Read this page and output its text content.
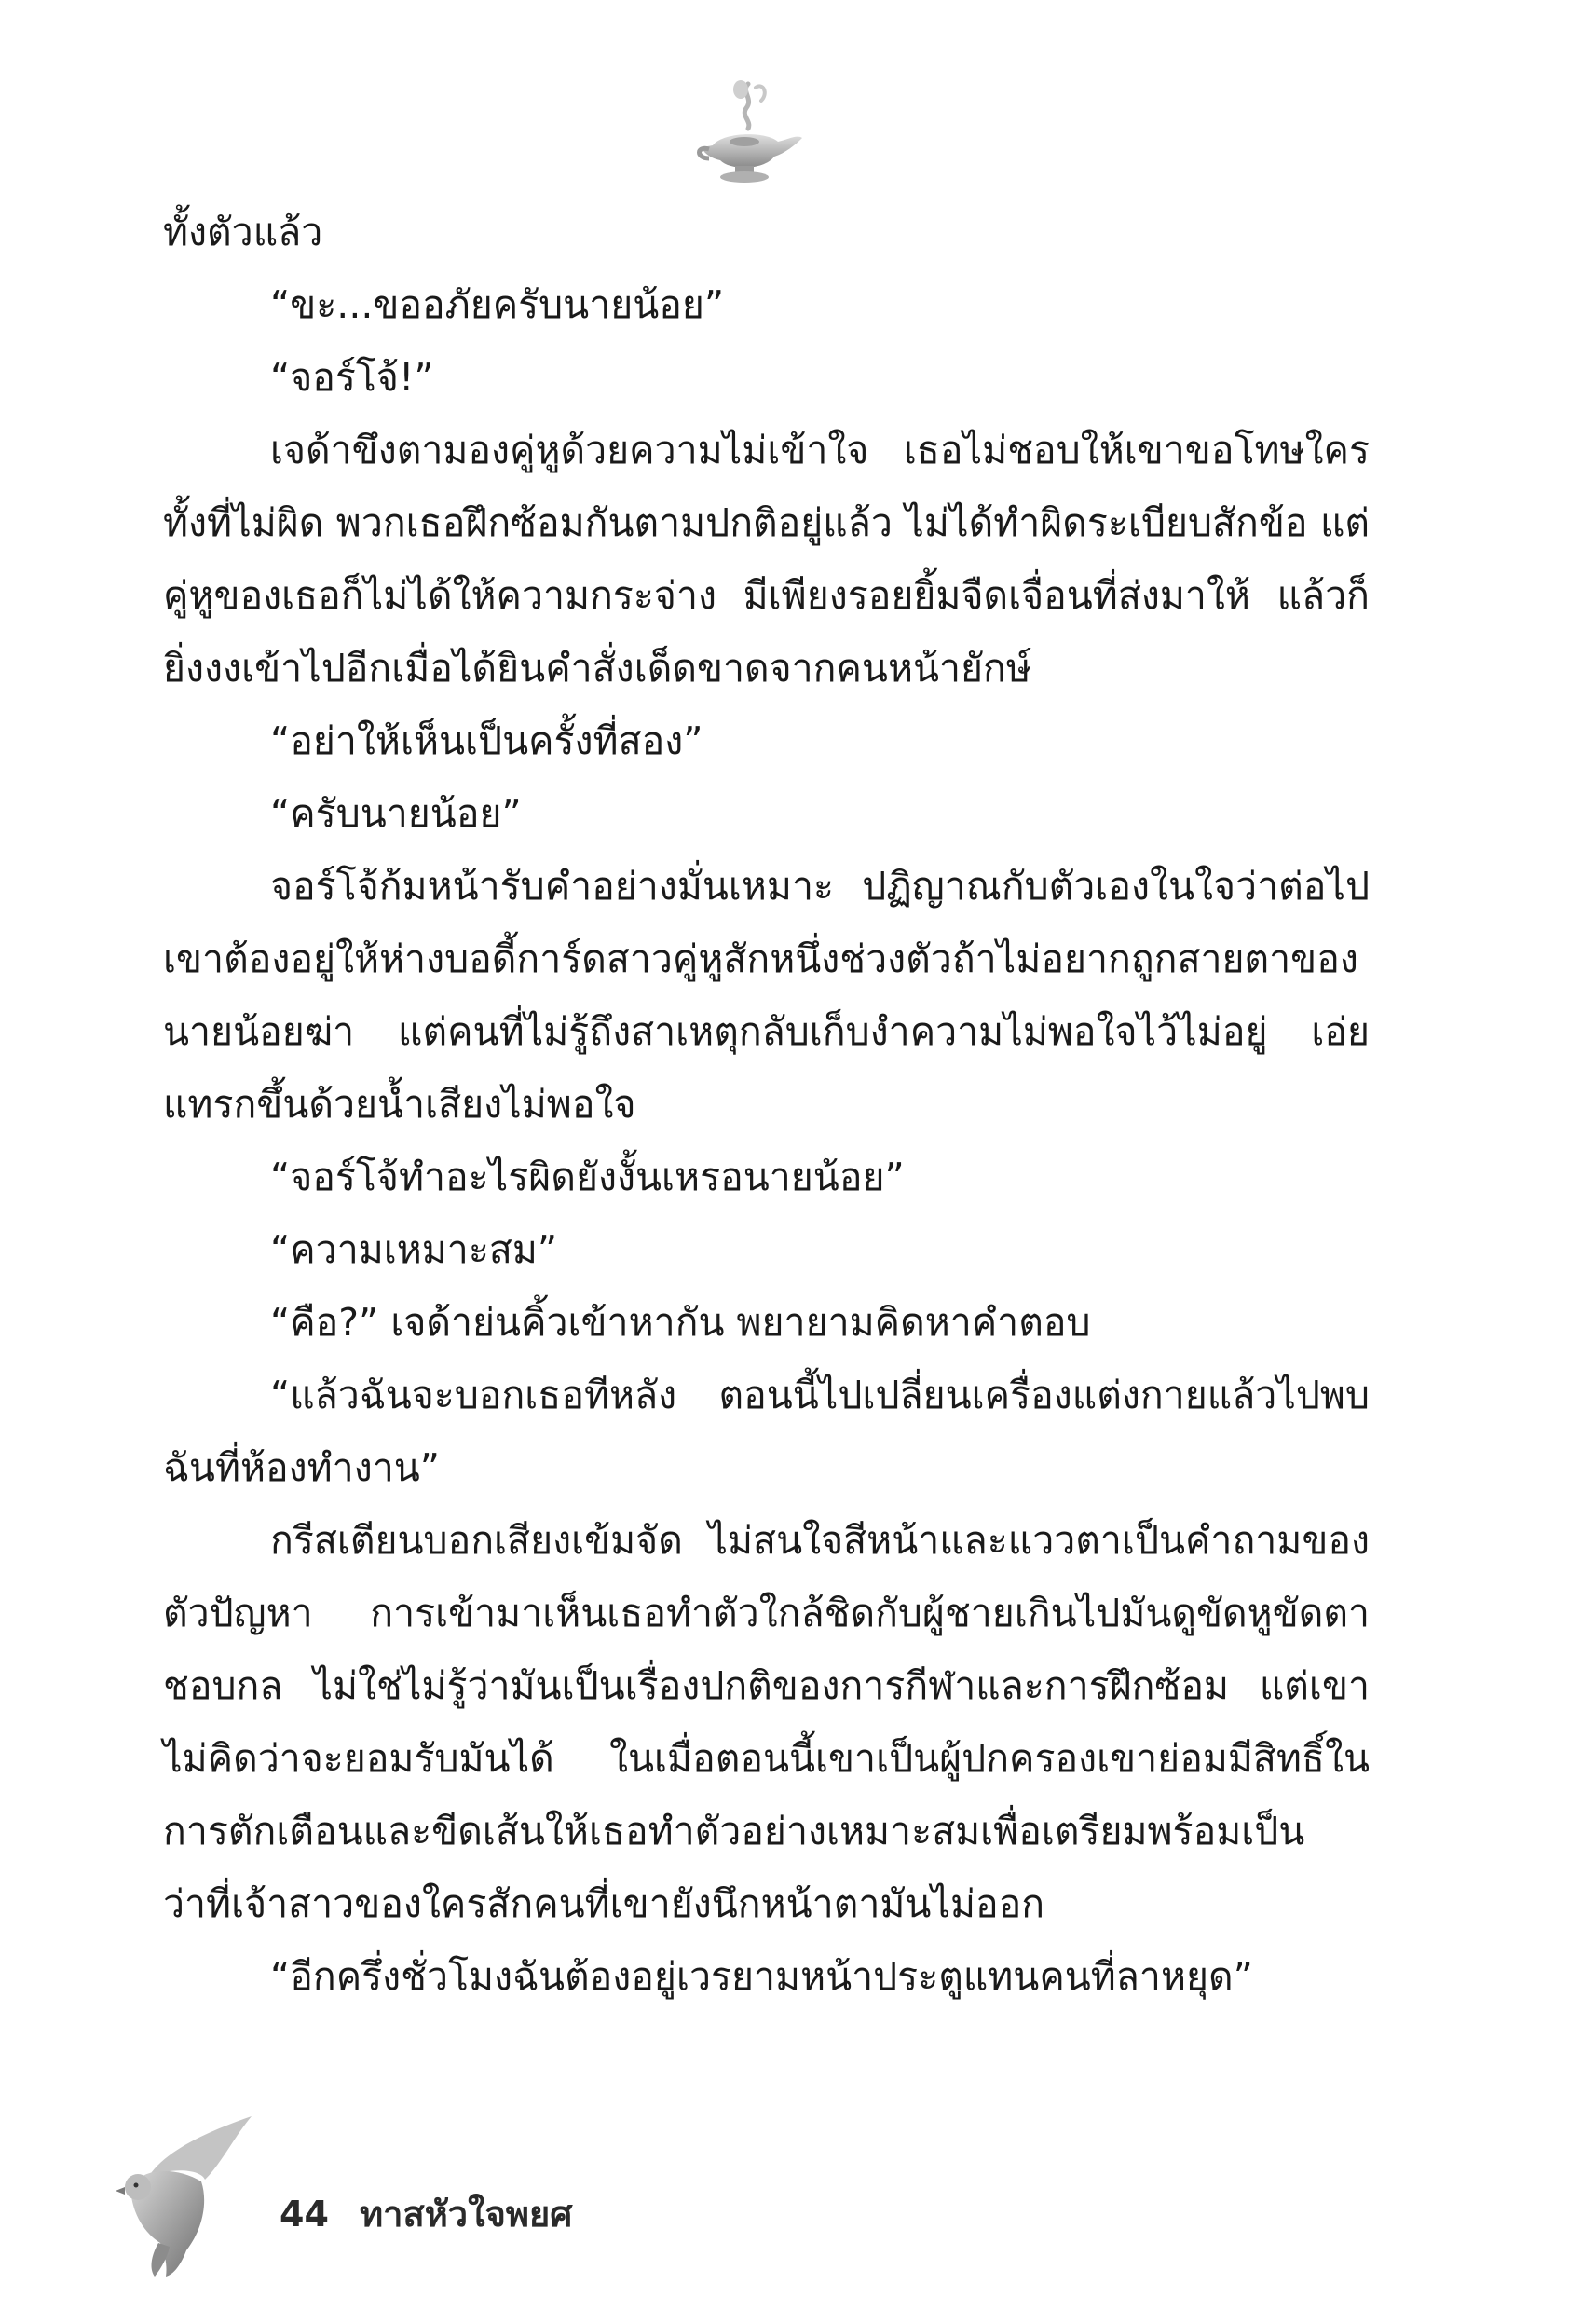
ทั้งตัวแล้ว

“ขะ...ขออภัยครับนายน้อย”

“จอร์โจ้!”

เจด้าขึงตามองคู่หูด้วยความไม่เข้าใจ เธอไม่ชอบให้เขาขอโทษใครทั้งที่ไม่ผิด พวกเธอฝึกซ้อมกันตามปกติอยู่แล้ว ไม่ได้ทำผิดระเบียบสักข้อ แต่คู่หูของเธอก็ไม่ได้ให้ความกระจ่าง มีเพียงรอยยิ้มจืดเจื่อนที่ส่งมาให้ แล้วก็ยิ่งงงเข้าไปอีกเมื่อได้ยินคำสั่งเด็ดขาดจากคนหน้ายักษ์

“อย่าให้เห็นเป็นครั้งที่สอง”

“ครับนายน้อย”

จอร์โจ้ก้มหน้ารับคำอย่างมั่นเหมาะ ปฏิญาณกับตัวเองในใจว่าต่อไปเขาต้องอยู่ให้ห่างบอดี้การ์ดสาวคู่หูสักหนึ่งช่วงตัวถ้าไม่อยากถูกสายตาของนายน้อยฆ่า แต่คนที่ไม่รู้ถึงสาเหตุกลับเก็บงำความไม่พอใจไว้ไม่อยู่ เอ่ยแทรกขึ้นด้วยน้ำเสียงไม่พอใจ

“จอร์โจ้ทำอะไรผิดยังงั้นเหรอนายน้อย”

“ความเหมาะสม”

“คือ?” เจด้าย่นคิ้วเข้าหากัน พยายามคิดหาคำตอบ

“แล้วฉันจะบอกเธอทีหลัง ตอนนี้ไปเปลี่ยนเครื่องแต่งกายแล้วไปพบฉันที่ห้องทำงาน”

กรีสเตียนบอกเสียงเข้มจัด ไม่สนใจสีหน้าและแววตาเป็นคำถามของตัวปัญหา การเข้ามาเห็นเธอทำตัวใกล้ชิดกับผู้ชายเกินไปมันดูขัดหูขัดตาชอบกล ไม่ใช่ไม่รู้ว่ามันเป็นเรื่องปกติของการกีฬาและการฝึกซ้อม แต่เขาไม่คิดว่าจะยอมรับมันได้ ในเมื่อตอนนี้เขาเป็นผู้ปกครองเขาย่อมมีสิทธิ์ในการตักเตือนและขีดเส้นให้เธอทำตัวอย่างเหมาะสมเพื่อเตรียมพร้อมเป็นว่าที่เจ้าสาวของใครสักคนที่เขายังนึกหน้าตามันไม่ออก

“อีกครึ่งชั่วโมงฉันต้องอยู่เวรยามหน้าประตูแทนคนที่ลาหยุด”

44 ทาสหัวใจพยศ
